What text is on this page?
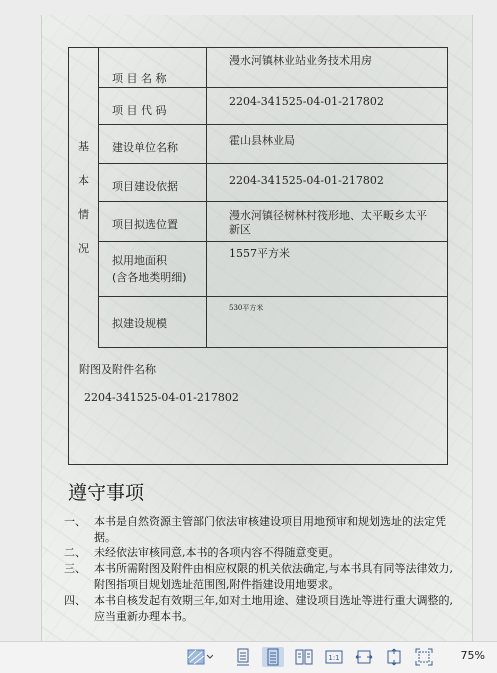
基
本
情
况
项 目 名 称
漫水河镇林业站业务技术用房
项 目 代 码
2204-341525-04-01-217802
建设单位名称
霍山县林业局
项目建设依据	2204-341525-04-01-217802
项目拟选位置
漫水河镇径树林村筏形地、太平畈乡太平
新区
拟用地面积
(含各地类明细)
1557平方米
拟建设规模
530平方米
附图及附件名称
2204-341525-04-01-217802
遵守事项
一、 本书是自然资源主管部门依法审核建设项目用地预审和规划选址的法定凭据。
二、 未经依法审核同意,本书的各项内容不得随意变更。
三、 本书所需附图及附件由相应权限的机关依法确定,与本书具有同等法律效力,附图指项目规划选址范围图,附件指建设用地要求。
四、 本书自核发起有效期三年,如对土地用途、建设项目选址等进行重大调整的,应当重新办理本书。
1:1	75%
